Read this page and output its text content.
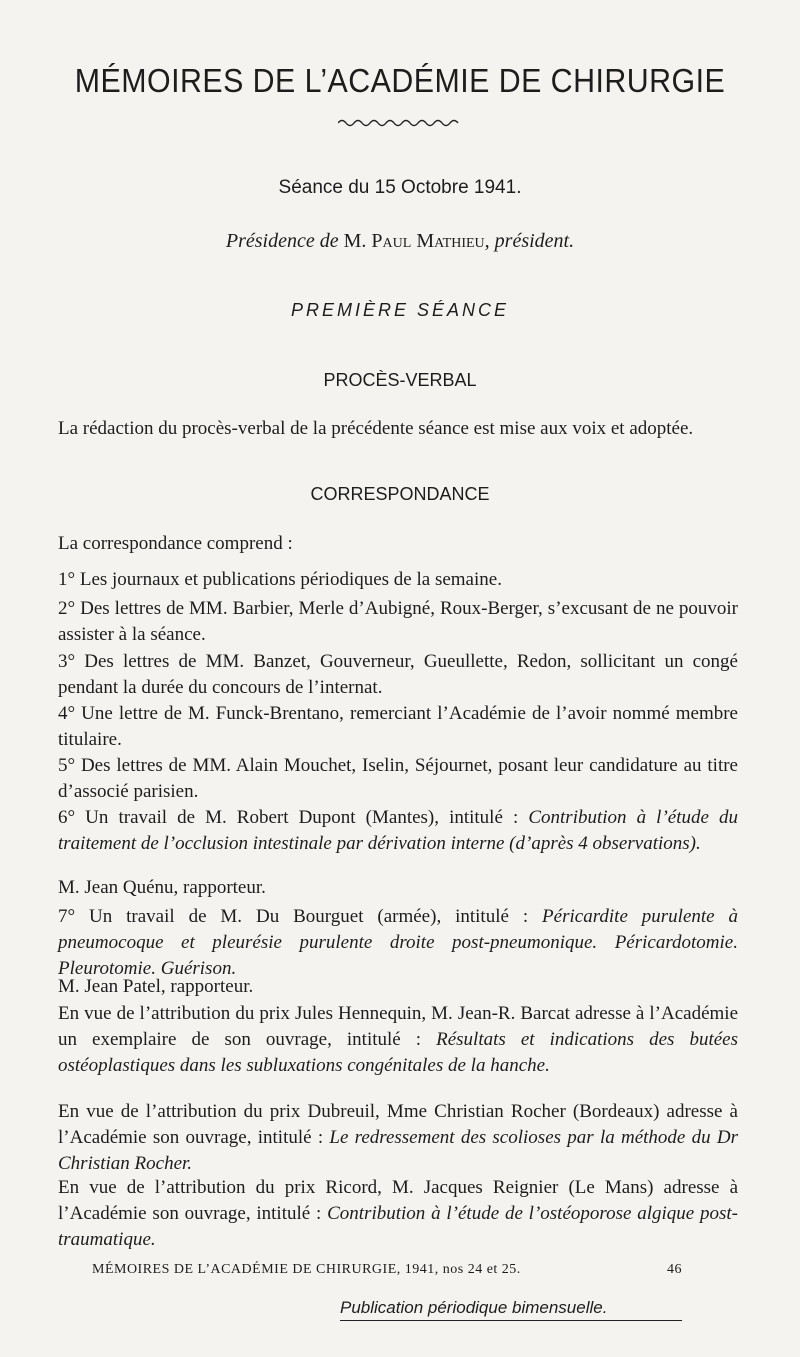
MÉMOIRES DE L’ACADÉMIE DE CHIRURGIE
Séance du 15 Octobre 1941.
Présidence de M. Paul Mathieu, président.
PREMIÈRE SÉANCE
PROCÈS-VERBAL
La rédaction du procès-verbal de la précédente séance est mise aux voix et adoptée.
CORRESPONDANCE
La correspondance comprend :
1° Les journaux et publications périodiques de la semaine.
2° Des lettres de MM. Barbier, Merle d’Aubigné, Roux-Berger, s’excusant de ne pouvoir assister à la séance.
3° Des lettres de MM. Banzet, Gouverneur, Gueullette, Redon, sollicitant un congé pendant la durée du concours de l’internat.
4° Une lettre de M. Funck-Brentano, remerciant l’Académie de l’avoir nommé membre titulaire.
5° Des lettres de MM. Alain Mouchet, Iselin, Séjournet, posant leur candidature au titre d’associé parisien.
6° Un travail de M. Robert Dupont (Mantes), intitulé : Contribution à l’étude du traitement de l’occlusion intestinale par dérivation interne (d’après 4 observations).
M. Jean Quénu, rapporteur.
7° Un travail de M. Du Bourguet (armée), intitulé : Péricardite purulente à pneumocoque et pleurésie purulente droite post-pneumonique. Péricardotomie. Pleurotomie. Guérison.
M. Jean Patel, rapporteur.
En vue de l’attribution du prix Jules Hennequin, M. Jean-R. Barcat adresse à l’Académie un exemplaire de son ouvrage, intitulé : Résultats et indications des butées ostéoplastiques dans les subluxations congénitales de la hanche.
En vue de l’attribution du prix Dubreuil, Mme Christian Rocher (Bordeaux) adresse à l’Académie son ouvrage, intitulé : Le redressement des scolioses par la méthode du Dr Christian Rocher.
En vue de l’attribution du prix Ricord, M. Jacques Reignier (Le Mans) adresse à l’Académie son ouvrage, intitulé : Contribution à l’étude de l’ostéoporose algique post-traumatique.
MÉMOIRES DE L’ACADÉMIE DE CHIRURGIE, 1941, nos 24 et 25.	46
Publication périodique bimensuelle.
